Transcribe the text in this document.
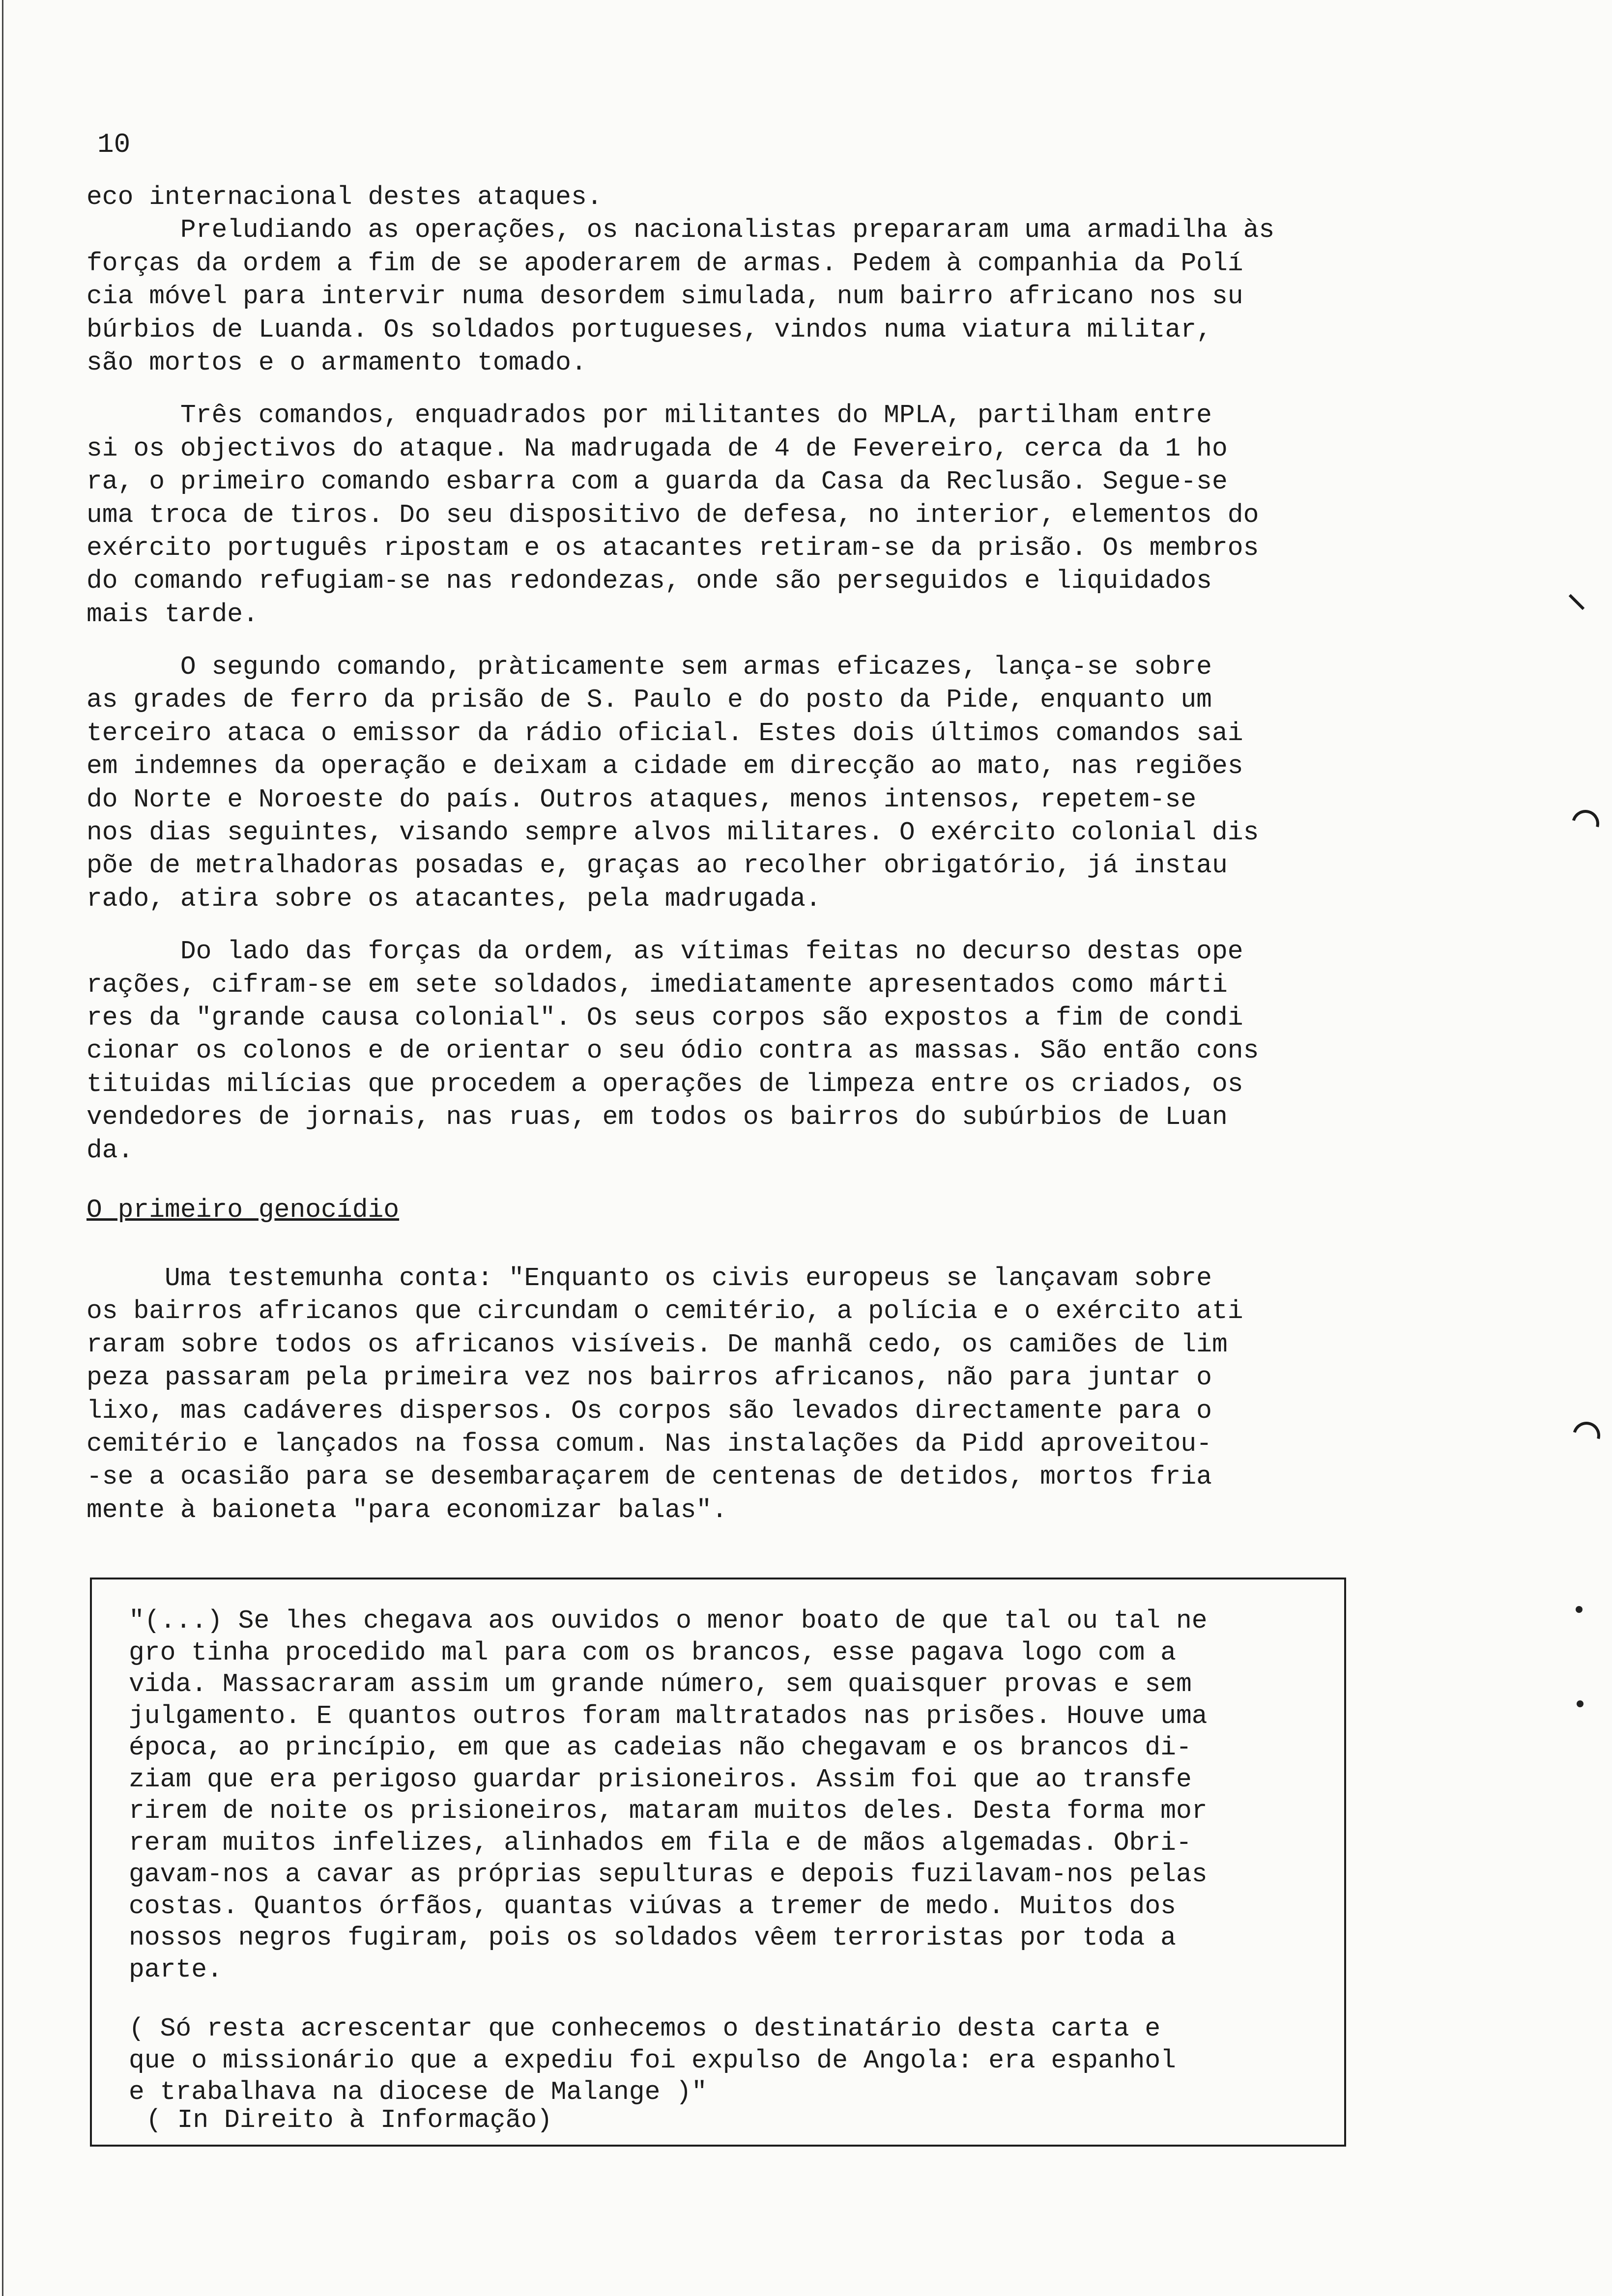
10
eco internacional destes ataques.
Preludiando as operações, os nacionalistas prepararam uma armadilha às
forças da ordem a fim de se apoderarem de armas. Pedem à companhia da Polí
cia móvel para intervir numa desordem simulada, num bairro africano nos su
búrbios de Luanda. Os soldados portugueses, vindos numa viatura militar,
são mortos e o armamento tomado.
Três comandos, enquadrados por militantes do MPLA, partilham entre
si os objectivos do ataque. Na madrugada de 4 de Fevereiro, cerca da 1 ho
ra, o primeiro comando esbarra com a guarda da Casa da Reclusão. Segue-se
uma troca de tiros. Do seu dispositivo de defesa, no interior, elementos do
exército português ripostam e os atacantes retiram-se da prisão. Os membros
do comando refugiam-se nas redondezas, onde são perseguidos e liquidados
mais tarde.
O segundo comando, pràticamente sem armas eficazes, lança-se sobre
as grades de ferro da prisão de S. Paulo e do posto da Pide, enquanto um
terceiro ataca o emissor da rádio oficial. Estes dois últimos comandos sai
em indemnes da operação e deixam a cidade em direcção ao mato, nas regiões
do Norte e Noroeste do país. Outros ataques, menos intensos, repetem-se
nos dias seguintes, visando sempre alvos militares. O exército colonial dis
põe de metralhadoras posadas e, graças ao recolher obrigatório, já instau
rado, atira sobre os atacantes, pela madrugada.
Do lado das forças da ordem, as vítimas feitas no decurso destas ope
rações, cifram-se em sete soldados, imediatamente apresentados como márti
res da "grande causa colonial". Os seus corpos são expostos a fim de condi
cionar os colonos e de orientar o seu ódio contra as massas. São então cons
tituidas milícias que procedem a operações de limpeza entre os criados, os
vendedores de jornais, nas ruas, em todos os bairros do subúrbios de Luan
da.
O primeiro genocídio
Uma testemunha conta: "Enquanto os civis europeus se lançavam sobre
os bairros africanos que circundam o cemitério, a polícia e o exército ati
raram sobre todos os africanos visíveis. De manhã cedo, os camiões de lim
peza passaram pela primeira vez nos bairros africanos, não para juntar o
lixo, mas cadáveres dispersos. Os corpos são levados directamente para o
cemitério e lançados na fossa comum. Nas instalações da Pidd aproveitou-
-se a ocasião para se desembaraçarem de centenas de detidos, mortos fria
mente à baioneta "para economizar balas".
"(...) Se lhes chegava aos ouvidos o menor boato de que tal ou tal ne
gro tinha procedido mal para com os brancos, esse pagava logo com a
vida. Massacraram assim um grande número, sem quaisquer provas e sem
julgamento. E quantos outros foram maltratados nas prisões. Houve uma
época, ao princípio, em que as cadeias não chegavam e os brancos di-
ziam que era perigoso guardar prisioneiros. Assim foi que ao transfe
rirem de noite os prisioneiros, mataram muitos deles. Desta forma mor
reram muitos infelizes, alinhados em fila e de mãos algemadas. Obri-
gavam-nos a cavar as próprias sepulturas e depois fuzilavam-nos pelas
costas. Quantos órfãos, quantas viúvas a tremer de medo. Muitos dos
nossos negros fugiram, pois os soldados vêem terroristas por toda a
parte.
( Só resta acrescentar que conhecemos o destinatário desta carta e
que o missionário que a expediu foi expulso de Angola: era espanhol
e trabalhava na diocese de Malange )"
( In Direito à Informação)
